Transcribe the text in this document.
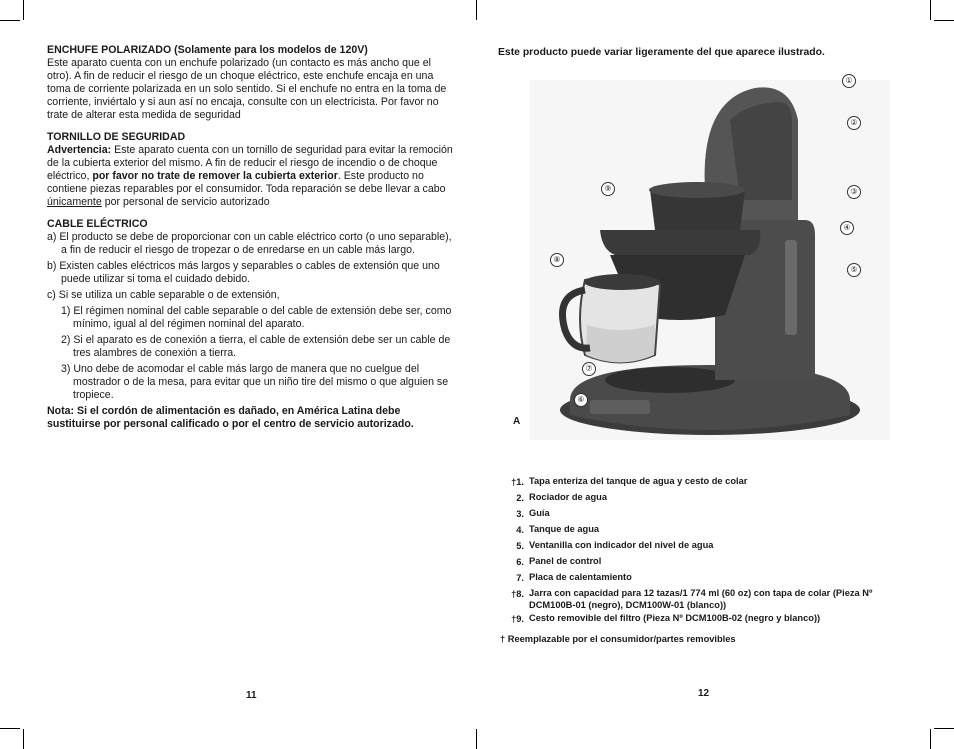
ENCHUFE POLARIZADO (Solamente para los modelos de 120V)

Este aparato cuenta con un enchufe polarizado (un contacto es más ancho que el otro). A fin de reducir el riesgo de un choque eléctrico, este enchufe encaja en una toma de corriente polarizada en un solo sentido. Si el enchufe no entra en la toma de corriente, inviértalo y si aun así no encaja, consulte con un electricista. Por favor no trate de alterar esta medida de seguridad

TORNILLO DE SEGURIDAD

Advertencia: Este aparato cuenta con un tornillo de seguridad para evitar la remoción de la cubierta exterior del mismo. A fin de reducir el riesgo de incendio o de choque eléctrico, por favor no trate de remover la cubierta exterior. Este producto no contiene piezas reparables por el consumidor. Toda reparación se debe llevar a cabo únicamente por personal de servicio autorizado

CABLE ELÉCTRICO

a) El producto se debe de proporcionar con un cable eléctrico corto (o uno separable), a fin de reducir el riesgo de tropezar o de enredarse en un cable más largo.

b) Existen cables eléctricos más largos y separables o cables de extensión que uno puede utilizar si toma el cuidado debido.

c) Si se utiliza un cable separable o de extensión,

1) El régimen nominal del cable separable o del cable de extensión debe ser, como mínimo, igual al del régimen nominal del aparato.

2) Si el aparato es de conexión a tierra, el cable de extensión debe ser un cable de tres alambres de conexión a tierra.

3) Uno debe de acomodar el cable más largo de manera que no cuelgue del mostrador o de la mesa, para evitar que un niño tire del mismo o que alguien se tropiece.

Nota: Si el cordón de alimentación es dañado, en América Latina debe sustituirse por personal calificado o por el centro de servicio autorizado.

11
Este producto puede variar ligeramente del que aparece ilustrado.
①
②
③
④
⑤
⑥
⑦
⑧
⑨
A
†1. Tapa enteriza del tanque de agua y cesto de colar
2. Rociador de agua
3. Guía
4. Tanque de agua
5. Ventanilla con indicador del nivel de agua
6. Panel de control
7. Placa de calentamiento
†8. Jarra con capacidad para 12 tazas/1 774 ml (60 oz) con tapa de colar (Pieza Nº DCM100B-01 (negro), DCM100W-01 (blanco))
†9. Cesto removible del filtro (Pieza Nº DCM100B-02 (negro y blanco))
† Reemplazable por el consumidor/partes removibles
12
